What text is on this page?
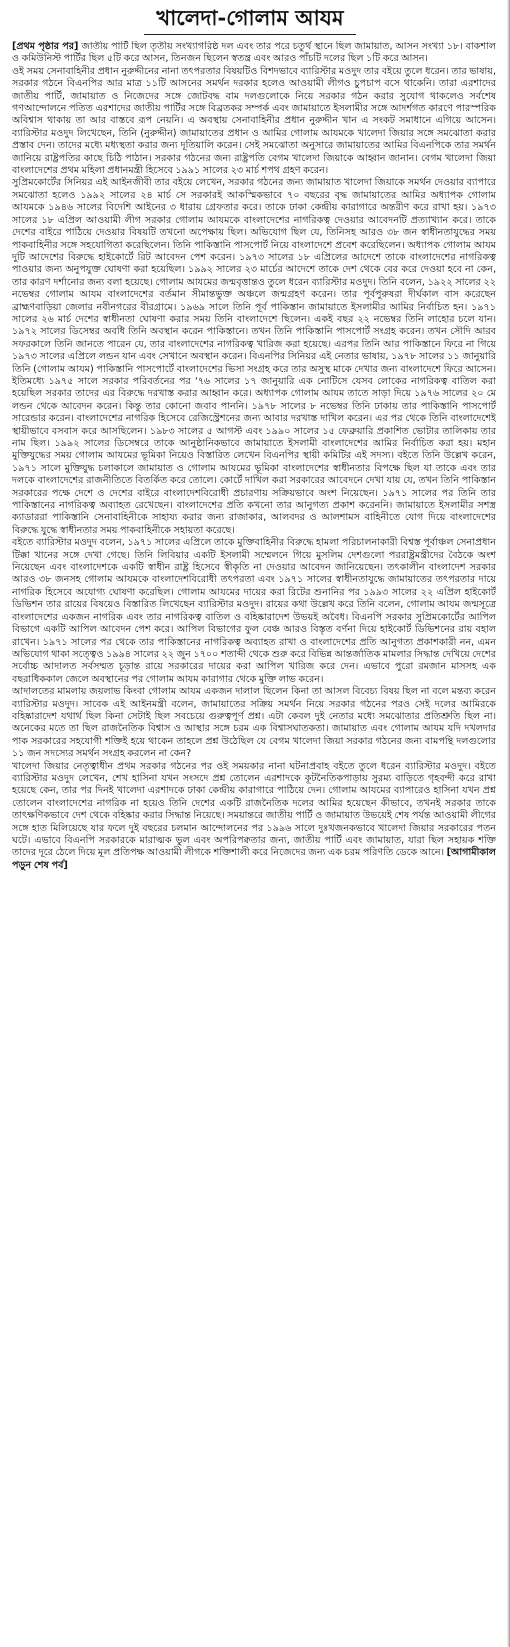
খালেদা-গোলাম আযম

[প্রথম পৃষ্ঠার পর] জাতীয় পার্টি ছিল তৃতীয় সংখ্যাগরিষ্ঠ দল এবং তার পরে চতুর্থ স্থানে ছিল জামায়াত, আসন সংখ্যা ১৮। বাকশাল ও কমিউনিস্ট পার্টির ছিল ৫টি করে আসন, তিনজন ছিলেন স্বতন্ত্র এবং আরও পাঁচটি দলের ছিল ১টি করে আসন।

ওই সময় সেনাবাহিনীর প্রধান নুরুদ্দীনের নানা তৎপরতার বিষয়টিও বিশদভাবে ব্যারিস্টার মওদুদ তার বইয়ে তুলে ধরেন। তার ভাষায়, সরকার গঠনে বিএনপির আর মাত্র ১১টি আসনের সমর্থন দরকার হলেও আওয়ামী লীগও চুপচাপ বসে থাকেনি। তারা এরশাদের জাতীয় পার্টি, জামায়াত ও নিজেদের সঙ্গে জোটবদ্ধ বাম দলগুলোকে নিয়ে সরকার গঠন করার সুযোগ থাকলেও সর্বশেষ গণআন্দোলনে পতিত এরশাদের জাতীয় পার্টির সঙ্গে বিব্রতকর সম্পর্ক এবং জামায়াতে ইসলামীর সঙ্গে আদর্শগত কারণে পারস্পরিক অবিশ্বাস থাকায় তা আর বাস্তবে রূপ নেয়নি। এ অবস্থায় সেনাবাহিনীর প্রধান নুরুদ্দীন খান এ সংকট সমাধানে এগিয়ে আসেন। ব্যারিস্টার মওদুদ লিখেছেন, তিনি (নুরুদ্দীন) জামায়াতের প্রধান ও আমির গোলাম আযমকে খালেদা জিয়ার সঙ্গে সমঝোতা করার প্রস্তাব দেন। তাদের মধ্যে মধ্যস্থতা করার জন্য দূতিয়ালি করেন। সেই সমঝোতা অনুসারে জামায়াতের আমির বিএনপিকে তার সমর্থন জানিয়ে রাষ্ট্রপতির কাছে চিঠি পাঠান। সরকার গঠনের জন্য রাষ্ট্রপতি বেগম খালেদা জিয়াকে আহ্বান জানান। বেগম খালেদা জিয়া বাংলাদেশের প্রথম মহিলা প্রধানমন্ত্রী হিসেবে ১৯৯১ সালের ২৩ মার্চ শপথ গ্রহণ করেন।

সুপ্রিমকোর্টের সিনিয়র এই আইনজীবী তার বইয়ে লেখেন, সরকার গঠনের জন্য জামায়াত খালেদা জিয়াকে সমর্থন দেওয়ার ব্যাপারে সমঝোতা হলেও ১৯৯২ সালের ২৪ মার্চ সে সরকারই আকস্মিকভাবে ৭০ বছরের বৃদ্ধ জামায়াতের আমির অধ্যাপক গোলাম আযমকে ১৯৪৬ সালের বিদেশি আইনের ৩ ধারায় গ্রেফতার করে। তাকে ঢাকা কেন্দ্রীয় কারাগারে অন্তরীণ করে রাখা হয়। ১৯৭৩ সালের ১৮ এপ্রিল আওয়ামী লীগ সরকার গোলাম আযমকে বাংলাদেশের নাগরিকত্ব দেওয়ার আবেদনটি প্রত্যাখ্যান করে। তাকে দেশের বাইরে পাঠিয়ে দেওয়ার বিষয়টি তখনো অপেক্ষায় ছিল। অভিযোগ ছিল যে, তিনিসহ আরও ৩৮ জন স্বাধীনতাযুদ্ধের সময় পাকবাহিনীর সঙ্গে সহযোগিতা করেছিলেন। তিনি পাকিস্তানি পাসপোর্ট নিয়ে বাংলাদেশে প্রবেশ করেছিলেন। অধ্যাপক গোলাম আযম দুটি আদেশের বিরুদ্ধে হাইকোর্টে রিট আবেদন পেশ করেন। ১৯৭৩ সালের ১৮ এপ্রিলের আদেশে তাকে বাংলাদেশের নাগরিকত্ব পাওয়ার জন্য অনুপযুক্ত ঘোষণা করা হয়েছিল। ১৯৯২ সালের ২৩ মার্চের আদেশে তাকে দেশ থেকে বের করে দেওয়া হবে না কেন, তার কারণ দর্শানোর জন্য বলা হয়েছে। গোলাম আযমের জন্মবৃত্তান্তও তুলে ধরেন ব্যারিস্টার মওদুদ। তিনি বলেন, ১৯২২ সালের ২২ নভেম্বর গোলাম আযম বাংলাদেশের বর্তমান সীমান্তভুক্ত অঞ্চলে জন্মগ্রহণ করেন। তার পূর্বপুরুষরা দীর্ঘকাল বাস করেছেন ব্রাহ্মণবাড়িয়া জেলার নবীনগরের বীরগ্রামে। ১৯৬৯ সালে তিনি পূর্ব পাকিস্তান জামায়াতে ইসলামীর আমির নির্বাচিত হন। ১৯৭১ সালের ২৬ মার্চ দেশের স্বাধীনতা ঘোষণা করার সময় তিনি বাংলাদেশে ছিলেন। একই বছর ২২ নভেম্বর তিনি লাহোর চলে যান। ১৯৭২ সালের ডিসেম্বর অবধি তিনি অবস্থান করেন পাকিস্তানে। তখন তিনি পাকিস্তানি পাসপোর্ট সংগ্রহ করেন। তখন সৌদি আরব সফরকালে তিনি জানতে পারেন যে, তার বাংলাদেশের নাগরিকত্ব খারিজ করা হয়েছে। এরপর তিনি আর পাকিস্তানে ফিরে না গিয়ে ১৯৭৩ সালের এপ্রিলে লন্ডন যান এবং সেখানে অবস্থান করেন। বিএনপির সিনিয়র এই নেতার ভাষায়, ১৯৭৮ সালের ১১ জানুয়ারি তিনি (গোলাম আযম) পাকিস্তানি পাসপোর্টে বাংলাদেশের ভিসা সংগ্রহ করে তার অসুস্থ মাকে দেখার জন্য বাংলাদেশে ফিরে আসেন। ইতিমধ্যে ১৯৭৫ সালে সরকার পরিবর্তনের পর '৭৬ সালের ১৭ জানুয়ারি এক নোটিসে যেসব লোকের নাগরিকত্ব বাতিল করা হয়েছিল সরকার তাদের এর বিরুদ্ধে দরখাস্ত করার আহ্বান করে। অধ্যাপক গোলাম আযম তাতে সাড়া দিয়ে ১৯৭৬ সালের ২০ মে লন্ডন থেকে আবেদন করেন। কিন্তু তার কোনো জবাব পাননি। ১৯৭৮ সালের ৮ নভেম্বর তিনি ঢাকায় তার পাকিস্তানি পাসপোর্ট সারেন্ডার করেন। বাংলাদেশের নাগরিক হিসেবে রেজিস্ট্রেশনের জন্য আবার দরখাস্ত দাখিল করেন। এর পর থেকে তিনি বাংলাদেশেই স্থায়ীভাবে বসবাস করে আসছিলেন। ১৯৮৩ সালের ৫ আগস্ট এবং ১৯৯০ সালের ১৫ ফেব্রুয়ারি প্রকাশিত ভোটার তালিকায় তার নাম ছিল। ১৯৯২ সালের ডিসেম্বরে তাকে আনুষ্ঠানিকভাবে জামায়াতে ইসলামী বাংলাদেশের আমির নির্বাচিত করা হয়। মহান মুক্তিযুদ্ধের সময় গোলাম আযমের ভূমিকা নিয়েও বিস্তারিত লেখেন বিএনপির স্থায়ী কমিটির এই সদস্য। বইতে তিনি উল্লেখ করেন, ১৯৭১ সালে মুক্তিযুদ্ধ চলাকালে জামায়াত ও গোলাম আযমের ভূমিকা বাংলাদেশের স্বাধীনতার বিপক্ষে ছিল যা তাকে এবং তার দলকে বাংলাদেশের রাজনীতিতে বিতর্কিত করে তোলে। কোর্টে দাখিল করা সরকারের আবেদনে দেখা যায় যে, তখন তিনি পাকিস্তান সরকারের পক্ষে দেশে ও দেশের বাইরে বাংলাদেশবিরোধী প্রচারণায় সক্রিয়ভাবে অংশ নিয়েছেন। ১৯৭১ সালের পর তিনি তার পাকিস্তানের নাগরিকত্ব অব্যাহত রেখেছেন। বাংলাদেশের প্রতি কখনো তার আনুগত্য প্রকাশ করেননি। জামায়াতে ইসলামীর সশস্ত্র ক্যাডাররা পাকিস্তানি সেনাবাহিনীকে সাহায্য করার জন্য রাজাকার, আলবদর ও আলশামস বাহিনীতে যোগ দিয়ে বাংলাদেশের বিরুদ্ধে যুদ্ধে স্বাধীনতার সময় পাকবাহিনীকে সহায়তা করেছে।

বইতে ব্যারিস্টার মওদুদ বলেন, ১৯৭১ সালের এপ্রিলে তাকে মুক্তিবাহিনীর বিরুদ্ধে হামলা পরিচালনাকারী বিশ্বস্ত পূর্বাঞ্চল সেনাপ্রধান টিক্কা খানের সঙ্গে দেখা গেছে। তিনি লিবিয়ার একটি ইসলামী সম্মেলনে গিয়ে মুসলিম দেশগুলো পররাষ্ট্রমন্ত্রীদের বৈঠকে অংশ নিয়েছেন এবং বাংলাদেশকে একটি স্বাধীন রাষ্ট্র হিসেবে স্বীকৃতি না দেওয়ার আবেদন জানিয়েছেন। তৎকালীন বাংলাদেশ সরকার আরও ৩৮ জনসহ গোলাম আযমকে বাংলাদেশবিরোধী তৎপরতা এবং ১৯৭১ সালের স্বাধীনতাযুদ্ধে জামায়াতের তৎপরতার দায়ে নাগরিক হিসেবে অযোগ্য ঘোষণা করেছিল। গোলাম আযমের দায়ের করা রিটের শুনানির পর ১৯৯৩ সালের ২২ এপ্রিল হাইকোর্ট ডিভিশন তার রায়ের বিষয়েও বিস্তারিত লিখেছেন ব্যারিস্টার মওদুদ। রায়ের কথা উল্লেখ করে তিনি বলেন, গোলাম আযম জন্মসূত্রে বাংলাদেশের একজন নাগরিক এবং তার নাগরিকত্ব বাতিল ও বহিষ্কারাদেশ উভয়ই অবৈধ। বিএনপি সরকার সুপ্রিমকোর্টের আপিল বিভাগে একটি আপিল আবেদন পেশ করে। আপিল বিভাগের ফুল বেঞ্চ আরও বিস্তৃত বর্ণনা দিয়ে হাইকোর্ট ডিভিশনের রায় বহাল রাখেন। ১৯৭১ সালের পর থেকে তার পাকিস্তানের নাগরিকত্ব অব্যাহত রাখা ও বাংলাদেশের প্রতি আনুগত্য প্রকাশকারী নন, এমন অভিযোগ থাকা সত্ত্বেও ১৯৯৪ সালের ২২ জুন ১৭০০ শতাব্দী থেকে শুরু করে বিভিন্ন আন্তর্জাতিক মামলার সিদ্ধান্ত দেখিয়ে দেশের সর্বোচ্চ আদালত সর্বসম্মত চূড়ান্ত রায়ে সরকারের দায়ের করা আপিল খারিজ করে দেন। এভাবে পুরো রমজান মাসসহ এক বছরাধিককাল জেলে অবস্থানের পর গোলাম আযম কারাগার থেকে মুক্তি লাভ করেন।

আদালতের মামলায় জয়লাভ কিংবা গোলাম আযম একজন দালাল ছিলেন কিনা তা আসল বিবেচ্য বিষয় ছিল না বলে মন্তব্য করেন ব্যারিস্টার মওদুদ। সাবেক এই আইনমন্ত্রী বলেন, জামায়াতের সক্রিয় সমর্থন নিয়ে সরকার গঠনের পরও সেই দলের আমিরকে বহিষ্কারাদেশ যথার্থ ছিল কিনা সেটাই ছিল সবচেয়ে গুরুত্বপূর্ণ প্রশ্ন। এটা কেবল দুই নেতার মধ্যে সমঝোতার প্রতিশ্রুতি ছিল না। অনেকের মতে তা ছিল রাজনৈতিক বিশ্বাস ও আস্থার সঙ্গে চরম এক বিশ্বাসঘাতকতা। জামায়াত এবং গোলাম আযম যদি দখলদার পাক সরকারের সহযোগী শক্তিই হয়ে থাকেন তাহলে প্রশ্ন উঠেছিল যে বেগম খালেদা জিয়া সরকার গঠনের জন্য বামপন্থি দলগুলোর ১১ জন সদস্যের সমর্থন সংগ্রহ করলেন না কেন?

খালেদা জিয়ার নেতৃত্বাধীন প্রথম সরকার গঠনের পর ওই সময়কার নানা ঘটনাপ্রবাহ বইতে তুলে ধরেন ব্যারিস্টার মওদুদ। বইতে ব্যারিস্টার মওদুদ লেখেন, শেখ হাসিনা যখন সংসদে প্রশ্ন তোলেন এরশাদকে কূটনৈতিকপাড়ায় সুরম্য বাড়িতে গৃহবন্দী করে রাখা হয়েছে কেন, তার পর দিনই খালেদা এরশাদকে ঢাকা কেন্দ্রীয় কারাগারে পাঠিয়ে দেন। গোলাম আযমের ব্যাপারেও হাসিনা যখন প্রশ্ন তোলেন বাংলাদেশের নাগরিক না হয়েও তিনি দেশের একটি রাজনৈতিক দলের আমির হয়েছেন কীভাবে, তখনই সরকার তাকে তাৎক্ষণিকভাবে দেশ থেকে বহিষ্কার করার সিদ্ধান্ত নিয়েছে। সময়ান্তরে জাতীয় পার্টি ও জামায়াত উভয়েই শেষ পর্যন্ত আওয়ামী লীগের সঙ্গে হাত মিলিয়েছে যার ফলে দুই বছরের চলমান আন্দোলনের পর ১৯৯৬ সালে দুঃখজনকভাবে খালেদা জিয়ার সরকারের পতন ঘটে। এভাবে বিএনপি সরকারকে মারাত্মক ভুল এবং অপরিপক্বতার জন্য, জাতীয় পার্টি এবং জামায়াত, যারা ছিল সহায়ক শক্তি তাদের দূরে ঠেলে দিয়ে মূল প্রতিপক্ষ আওয়ামী লীগকে শক্তিশালী করে নিজেদের জন্য এক চরম পরিণতি ডেকে আনে। [আগামীকাল পড়ুন শেষ পর্ব]
